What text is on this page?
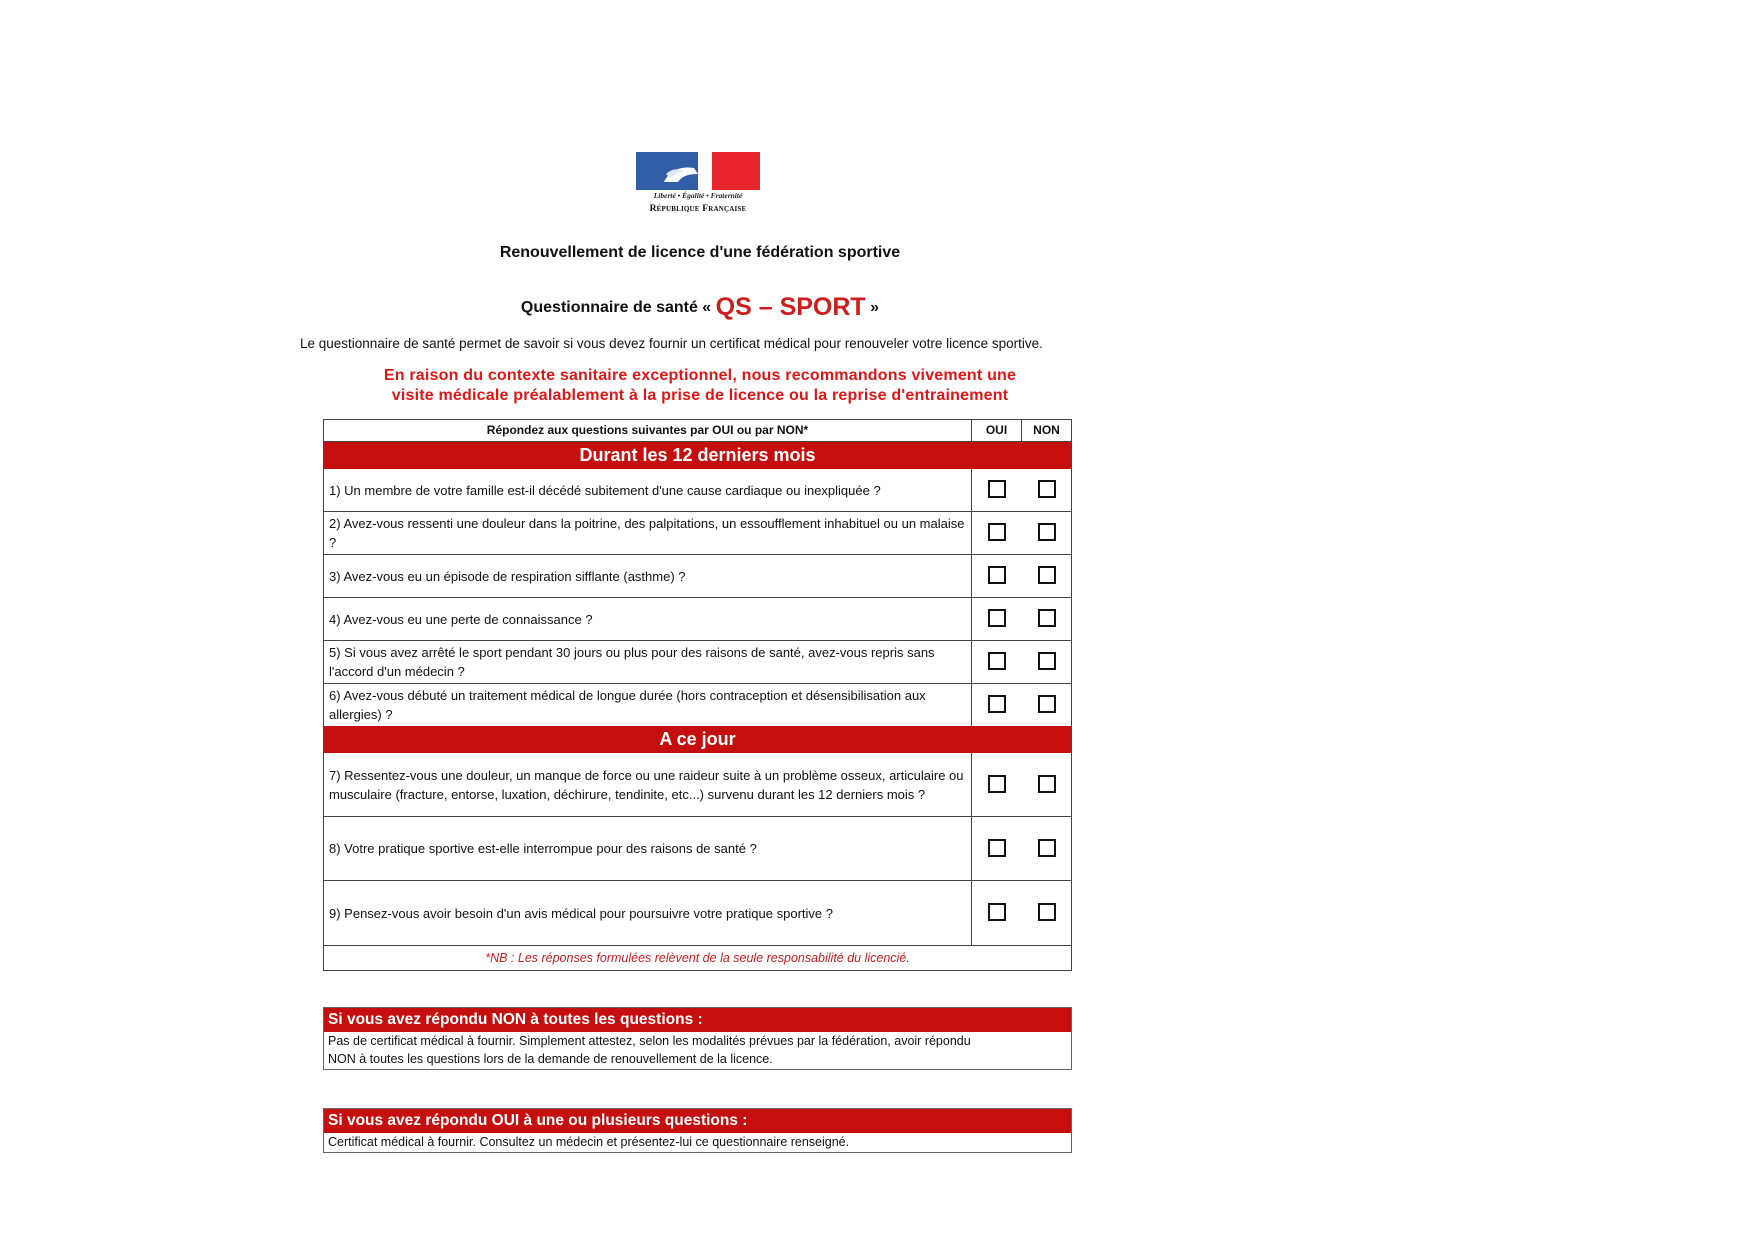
Liberté • Égalité • Fraternité
République Française
Renouvellement de licence d'une fédération sportive
Questionnaire de santé « QS – SPORT »
Le questionnaire de santé permet de savoir si vous devez fournir un certificat médical pour renouveler votre licence sportive.
En raison du contexte sanitaire exceptionnel, nous recommandons vivement une
visite médicale préalablement à la prise de licence ou la reprise d'entrainement
Répondez aux questions suivantes par OUI ou par NON*	OUI	NON
Durant les 12 derniers mois
1) Un membre de votre famille est-il décédé subitement d'une cause cardiaque ou inexpliquée ?
2) Avez-vous ressenti une douleur dans la poitrine, des palpitations, un essoufflement inhabituel ou un malaise ?
3) Avez-vous eu un épisode de respiration sifflante (asthme) ?
4) Avez-vous eu une perte de connaissance ?
5) Si vous avez arrêté le sport pendant 30 jours ou plus pour des raisons de santé, avez-vous repris sans l'accord d'un médecin ?
6) Avez-vous débuté un traitement médical de longue durée (hors contraception et désensibilisation aux allergies) ?
A ce jour
7) Ressentez-vous une douleur, un manque de force ou une raideur suite à un problème osseux, articulaire ou musculaire (fracture, entorse, luxation, déchirure, tendinite, etc...) survenu durant les 12 derniers mois ?
8) Votre pratique sportive est-elle interrompue pour des raisons de santé ?
9) Pensez-vous avoir besoin d'un avis médical pour poursuivre votre pratique sportive ?
*NB : Les réponses formulées relèvent de la seule responsabilité du licencié.
Si vous avez répondu NON à toutes les questions :
Pas de certificat médical à fournir. Simplement attestez, selon les modalités prévues par la fédération, avoir répondu
NON à toutes les questions lors de la demande de renouvellement de la licence.
Si vous avez répondu OUI à une ou plusieurs questions :
Certificat médical à fournir. Consultez un médecin et présentez-lui ce questionnaire renseigné.
